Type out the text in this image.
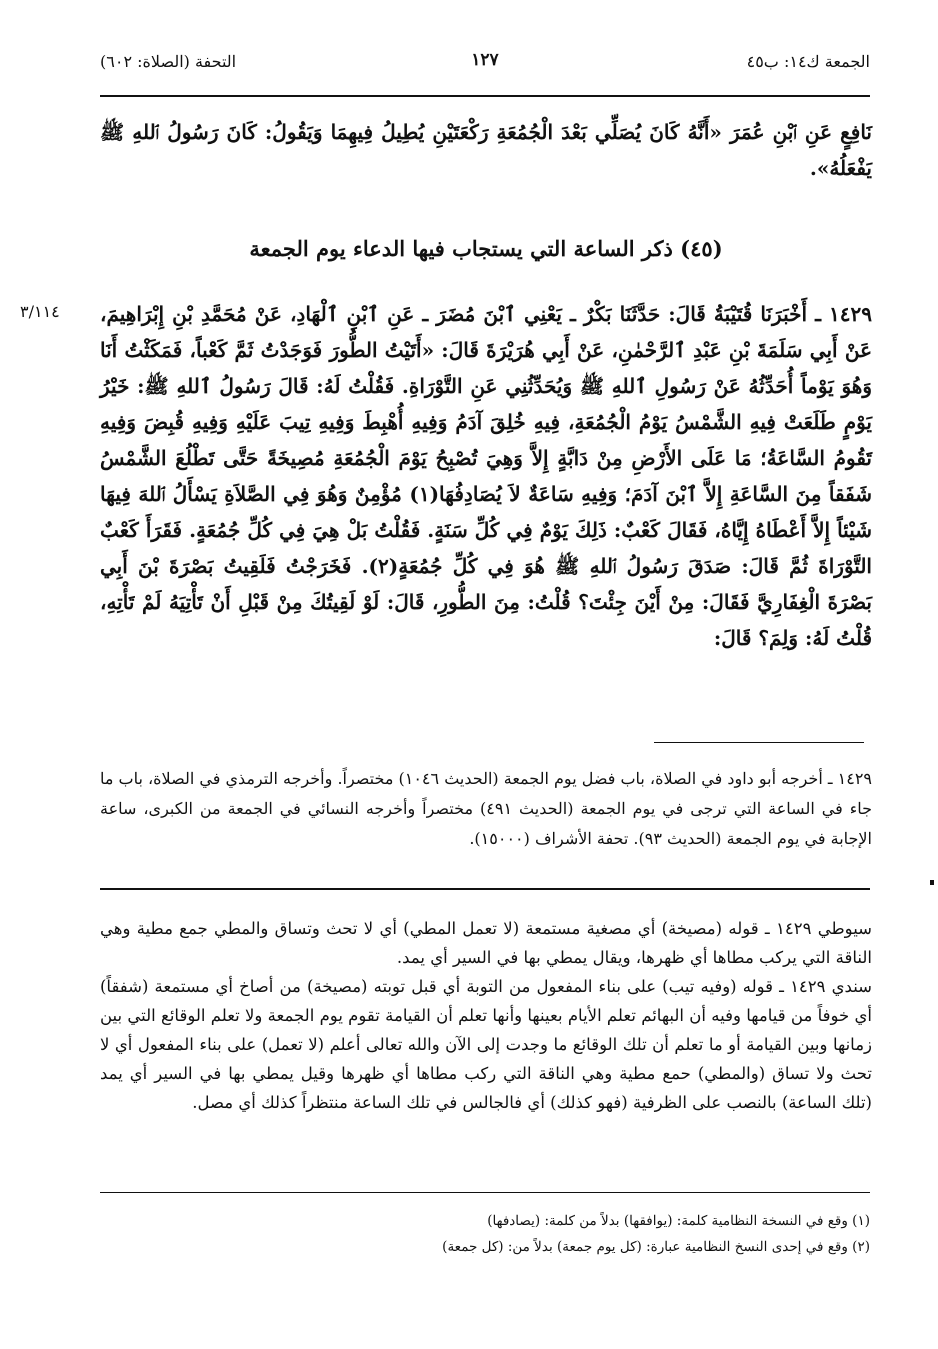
الجمعة ك١٤: ب٤٥
١٢٧
التحفة (الصلاة: ٦٠٢)
نَافِعٍ عَنِ ٱبْنِ عُمَرَ «أَنَّهُ كَانَ يُصَلِّي بَعْدَ الْجُمُعَةِ رَكْعَتَيْنِ يُطِيلُ فِيهِمَا وَيَقُولُ: كَانَ رَسُولُ ٱللهِ ﷺ يَفْعَلُهُ».
(٤٥) ذكر الساعة التي يستجاب فيها الدعاء يوم الجمعة
٣/١١٤ ١٤٢٩ ـ أَخْبَرَنَا قُتَيْبَةُ قَالَ: حَدَّثَنَا بَكْرٌ ـ يَعْنِي ٱبْنَ مُضَرَ ـ عَنِ ٱبْنِ ٱلْهَادِ، عَنْ مُحَمَّدِ بْنِ إِبْرَاهِيمَ، عَنْ أَبِي سَلَمَةَ بْنِ عَبْدِ ٱلرَّحْمٰنِ، عَنْ أَبِي هُرَيْرَةَ قَالَ: «أَتَيْتُ الطُّورَ فَوَجَدْتُ ثَمَّ كَعْباً، فَمَكَثْتُ أَنَا وَهُوَ يَوْماً أُحَدِّثُهُ عَنْ رَسُولِ ٱللهِ ﷺ وَيُحَدِّثُنِي عَنِ التَّوْرَاةِ. فَقُلْتُ لَهُ: قَالَ رَسُولُ ٱللهِ ﷺ: خَيْرُ يَوْمٍ طَلَعَتْ فِيهِ الشَّمْسُ يَوْمُ الْجُمُعَةِ، فِيهِ خُلِقَ آدَمُ وَفِيهِ أُهْبِطَ وَفِيهِ تِيبَ عَلَيْهِ وَفِيهِ قُبِضَ وَفِيهِ تَقُومُ السَّاعَةُ؛ مَا عَلَى الأَرْضِ مِنْ دَابَّةٍ إِلاَّ وَهِيَ تُصْبِحُ يَوْمَ الْجُمُعَةِ مُصِيخَةً حَتَّى تَطْلُعَ الشَّمْسُ شَفَقاً مِنَ السَّاعَةِ إِلاَّ ٱبْنَ آدَمَ؛ وَفِيهِ سَاعَةٌ لاَ يُصَادِفُهَا(١) مُؤْمِنٌ وَهُوَ فِي الصَّلاَةِ يَسْأَلُ ٱللهَ فِيهَا شَيْئاً إِلاَّ أَعْطَاهُ إِيَّاهُ، فَقَالَ كَعْبٌ: ذَلِكَ يَوْمٌ فِي كُلِّ سَنَةٍ. فَقُلْتُ بَلْ هِيَ فِي كُلِّ جُمُعَةٍ. فَقَرَأَ كَعْبٌ التَّوْرَاةَ ثُمَّ قَالَ: صَدَقَ رَسُولُ ٱللهِ ﷺ هُوَ فِي كُلِّ جُمُعَةٍ(٢). فَخَرَجْتُ فَلَقِيتُ بَصْرَةَ بْنَ أَبِي بَصْرَةَ الْغِفَارِيَّ فَقَالَ: مِنْ أَيْنَ جِئْتَ؟ قُلْتُ: مِنَ الطُّورِ، قَالَ: لَوْ لَقِيتُكَ مِنْ قَبْلِ أَنْ تَأْتِيَهُ لَمْ تَأْتِهِ، قُلْتُ لَهُ: وَلِمَ؟ قَالَ:
١٤٢٩ ـ أخرجه أبو داود في الصلاة، باب فضل يوم الجمعة (الحديث ١٠٤٦) مختصراً. وأخرجه الترمذي في الصلاة، باب ما جاء في الساعة التي ترجى في يوم الجمعة (الحديث ٤٩١) مختصراً وأخرجه النسائي في الجمعة من الكبرى، ساعة الإجابة في يوم الجمعة (الحديث ٩٣). تحفة الأشراف (١٥٠٠٠).

سيوطي ١٤٢٩ ـ قوله (مصيخة) أي مصغية مستمعة (لا تعمل المطي) أي لا تحث وتساق والمطي جمع مطية وهي الناقة التي يركب مطاها أي ظهرها، ويقال يمطي بها في السير أي يمد.

سندي ١٤٢٩ ـ قوله (وفيه تيب) على بناء المفعول من التوبة أي قبل توبته (مصيخة) من أصاخ أي مستمعة (شفقاً) أي خوفاً من قيامها وفيه أن البهائم تعلم الأيام بعينها وأنها تعلم أن القيامة تقوم يوم الجمعة ولا تعلم الوقائع التي بين زمانها وبين القيامة أو ما تعلم أن تلك الوقائع ما وجدت إلى الآن والله تعالى أعلم (لا تعمل) على بناء المفعول أي لا تحث ولا تساق (والمطي) حمع مطية وهي الناقة التي ركب مطاها أي ظهرها وقيل يمطي بها في السير أي يمد (تلك الساعة) بالنصب على الظرفية (فهو كذلك) أي فالجالس في تلك الساعة منتظراً كذلك أي مصل.

(١) وقع في النسخة النظامية كلمة: (يوافقها) بدلاً من كلمة: (يصادفها)

(٢) وقع في إحدى النسخ النظامية عبارة: (كل يوم جمعة) بدلاً من: (كل جمعة)
